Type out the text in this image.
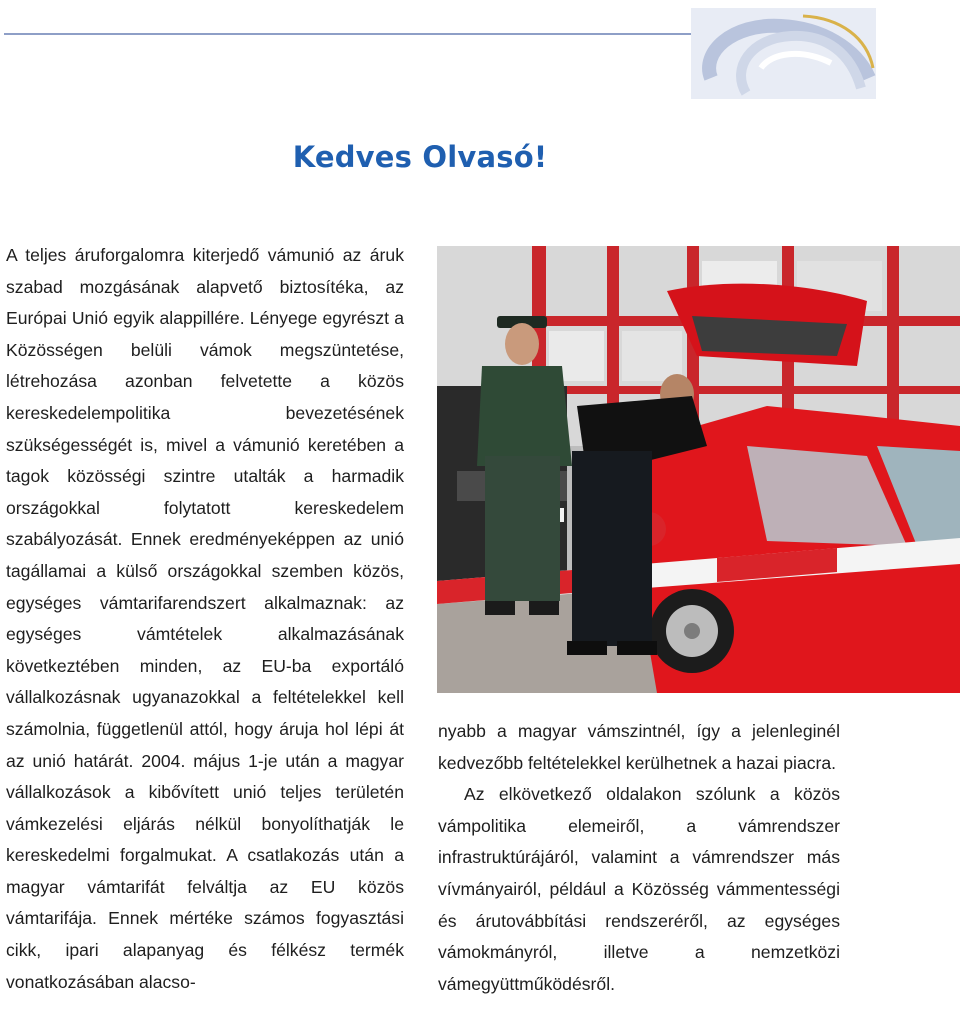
Kedves Olvasó!

A teljes áruforgalomra kiterjedő vámunió az áruk szabad mozgásának alapvető biztosítéka, az Európai Unió egyik alappillére. Lényege egyrészt a Közösségen belüli vámok megszüntetése, létrehozása azonban felvetette a közös kereskedelempolitika bevezetésének szükségességét is, mivel a vámunió keretében a tagok közösségi szintre utalták a harmadik országokkal folytatott kereskedelem szabályozását. Ennek eredményeképpen az unió tagállamai a külső országokkal szemben közös, egységes vámtarifarendszert alkalmaznak: az egységes vámtételek alkalmazásának következtében minden, az EU-ba exportáló vállalkozásnak ugyanazokkal a feltételekkel kell számolnia, függetlenül attól, hogy áruja hol lépi át az unió határát. 2004. május 1-je után a magyar vállalkozások a kibővített unió teljes területén vámkezelési eljárás nélkül bonyolíthatják le kereskedelmi forgalmukat. A csatlakozás után a magyar vámtarifát felváltja az EU közös vámtarifája. Ennek mértéke számos fogyasztási cikk, ipari alapanyag és félkész termék vonatkozásában alacso-

nyabb a magyar vámszintnél, így a jelenleginél kedvezőbb feltételekkel kerülhetnek a hazai piacra.

Az elkövetkező oldalakon szólunk a közös vámpolitika elemeiről, a vámrendszer infrastruktúrájáról, valamint a vámrendszer más vívmányairól, például a Közösség vámmentességi és árutovábbítási rendszeréről, az egységes vámokmányról, illetve a nemzetközi vámegyüttműködésről.
